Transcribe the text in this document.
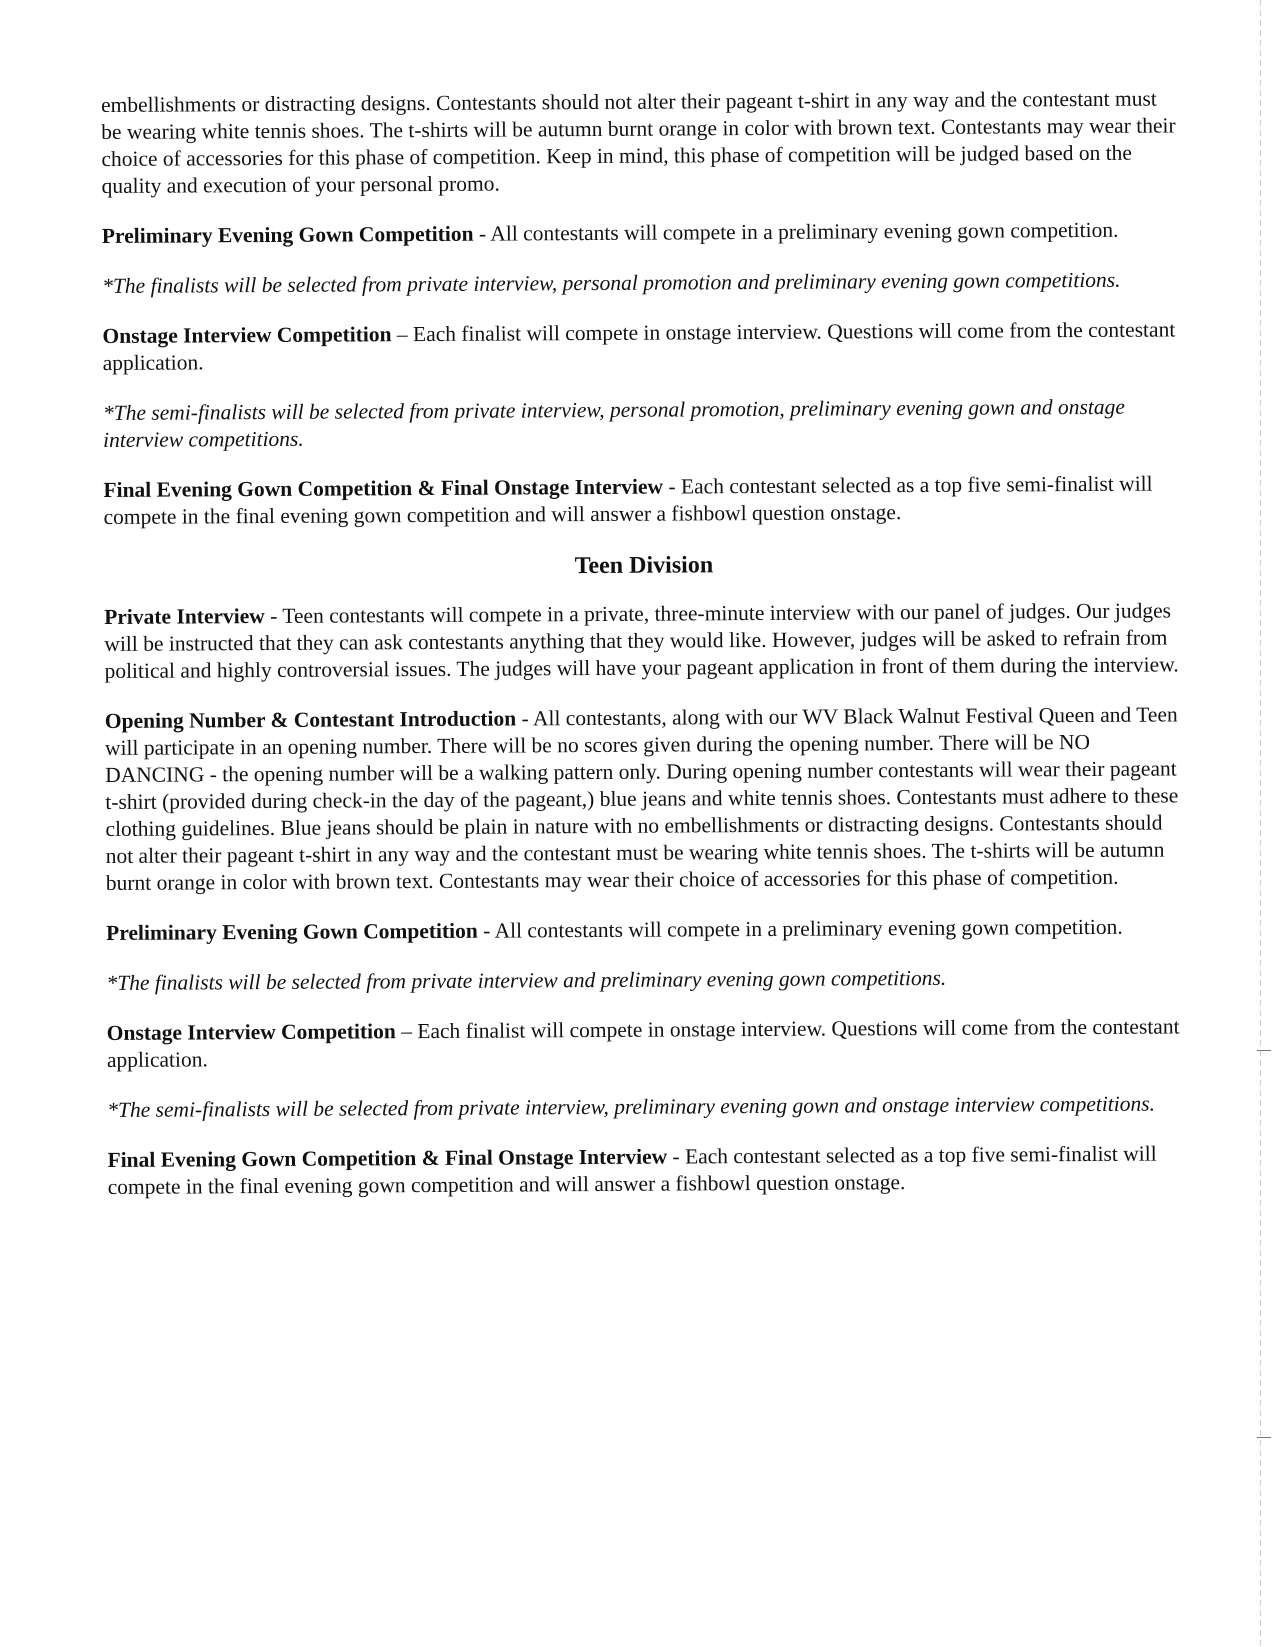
embellishments or distracting designs. Contestants should not alter their pageant t-shirt in any way and the contestant must be wearing white tennis shoes. The t-shirts will be autumn burnt orange in color with brown text. Contestants may wear their choice of accessories for this phase of competition. Keep in mind, this phase of competition will be judged based on the quality and execution of your personal promo.

Preliminary Evening Gown Competition - All contestants will compete in a preliminary evening gown competition.

*The finalists will be selected from private interview, personal promotion and preliminary evening gown competitions.

Onstage Interview Competition – Each finalist will compete in onstage interview. Questions will come from the contestant application.

*The semi-finalists will be selected from private interview, personal promotion, preliminary evening gown and onstage interview competitions.

Final Evening Gown Competition & Final Onstage Interview - Each contestant selected as a top five semi-finalist will compete in the final evening gown competition and will answer a fishbowl question onstage.

Teen Division

Private Interview - Teen contestants will compete in a private, three-minute interview with our panel of judges. Our judges will be instructed that they can ask contestants anything that they would like. However, judges will be asked to refrain from political and highly controversial issues. The judges will have your pageant application in front of them during the interview.

Opening Number & Contestant Introduction - All contestants, along with our WV Black Walnut Festival Queen and Teen will participate in an opening number. There will be no scores given during the opening number. There will be NO DANCING - the opening number will be a walking pattern only. During opening number contestants will wear their pageant t-shirt (provided during check-in the day of the pageant,) blue jeans and white tennis shoes. Contestants must adhere to these clothing guidelines. Blue jeans should be plain in nature with no embellishments or distracting designs. Contestants should not alter their pageant t-shirt in any way and the contestant must be wearing white tennis shoes. The t-shirts will be autumn burnt orange in color with brown text. Contestants may wear their choice of accessories for this phase of competition.

Preliminary Evening Gown Competition - All contestants will compete in a preliminary evening gown competition.

*The finalists will be selected from private interview and preliminary evening gown competitions.

Onstage Interview Competition – Each finalist will compete in onstage interview. Questions will come from the contestant application.

*The semi-finalists will be selected from private interview, preliminary evening gown and onstage interview competitions.

Final Evening Gown Competition & Final Onstage Interview - Each contestant selected as a top five semi-finalist will compete in the final evening gown competition and will answer a fishbowl question onstage.
